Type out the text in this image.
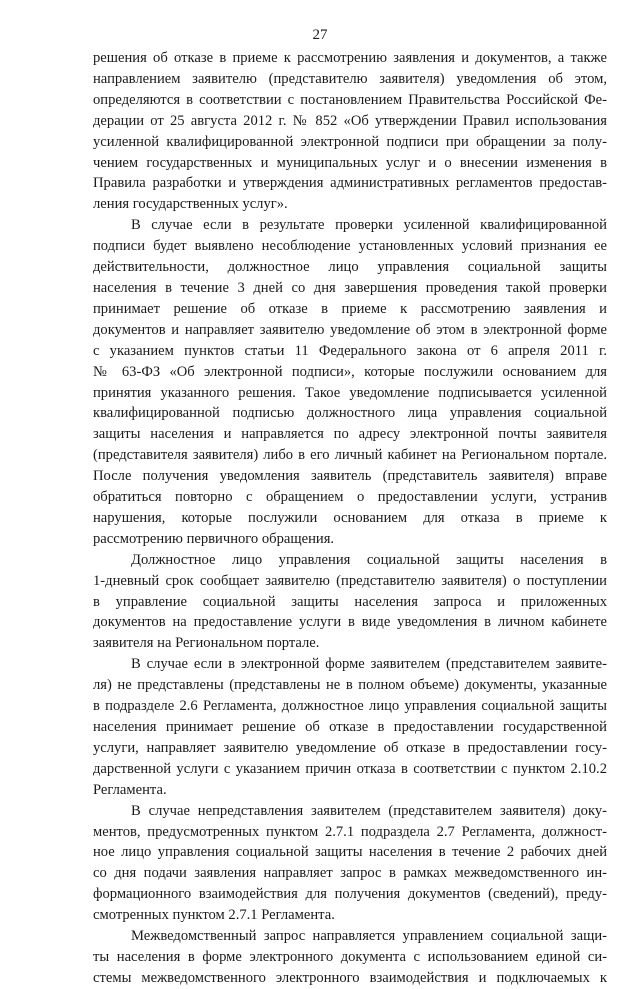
27
решения об отказе в приеме к рассмотрению заявления и документов, а также
направлением заявителю (представителю заявителя) уведомления об этом,
определяются в соответствии с постановлением Правительства Российской Фе-
дерации от 25 августа 2012 г. № 852 «Об утверждении Правил использования
усиленной квалифицированной электронной подписи при обращении за полу-
чением государственных и муниципальных услуг и о внесении изменения в
Правила разработки и утверждения административных регламентов предостав-
ления государственных услуг».
В случае если в результате проверки усиленной квалифицированной
подписи будет выявлено несоблюдение установленных условий признания ее
действительности, должностное лицо управления социальной защиты
населения в течение 3 дней со дня завершения проведения такой проверки
принимает решение об отказе в приеме к рассмотрению заявления и
документов и направляет заявителю уведомление об этом в электронной форме
с указанием пунктов статьи 11 Федерального закона от 6 апреля 2011 г.
№ 63-ФЗ «Об электронной подписи», которые послужили основанием для
принятия указанного решения. Такое уведомление подписывается усиленной
квалифицированной подписью должностного лица управления социальной
защиты населения и направляется по адресу электронной почты заявителя
(представителя заявителя) либо в его личный кабинет на Региональном портале.
После получения уведомления заявитель (представитель заявителя) вправе
обратиться повторно с обращением о предоставлении услуги, устранив
нарушения, которые послужили основанием для отказа в приеме к
рассмотрению первичного обращения.
Должностное лицо управления социальной защиты населения в
1-дневный срок сообщает заявителю (представителю заявителя) о поступлении
в управление социальной защиты населения запроса и приложенных
документов на предоставление услуги в виде уведомления в личном кабинете
заявителя на Региональном портале.
В случае если в электронной форме заявителем (представителем заявите-
ля) не представлены (представлены не в полном объеме) документы, указанные
в подразделе 2.6 Регламента, должностное лицо управления социальной защиты
населения принимает решение об отказе в предоставлении государственной
услуги, направляет заявителю уведомление об отказе в предоставлении госу-
дарственной услуги с указанием причин отказа в соответствии с пунктом 2.10.2
Регламента.
В случае непредставления заявителем (представителем заявителя) доку-
ментов, предусмотренных пунктом 2.7.1 подраздела 2.7 Регламента, должност-
ное лицо управления социальной защиты населения в течение 2 рабочих дней
со дня подачи заявления направляет запрос в рамках межведомственного ин-
формационного взаимодействия для получения документов (сведений), преду-
смотренных пунктом 2.7.1 Регламента.
Межведомственный запрос направляется управлением социальной защи-
ты населения в форме электронного документа с использованием единой си-
стемы межведомственного электронного взаимодействия и подключаемых к
